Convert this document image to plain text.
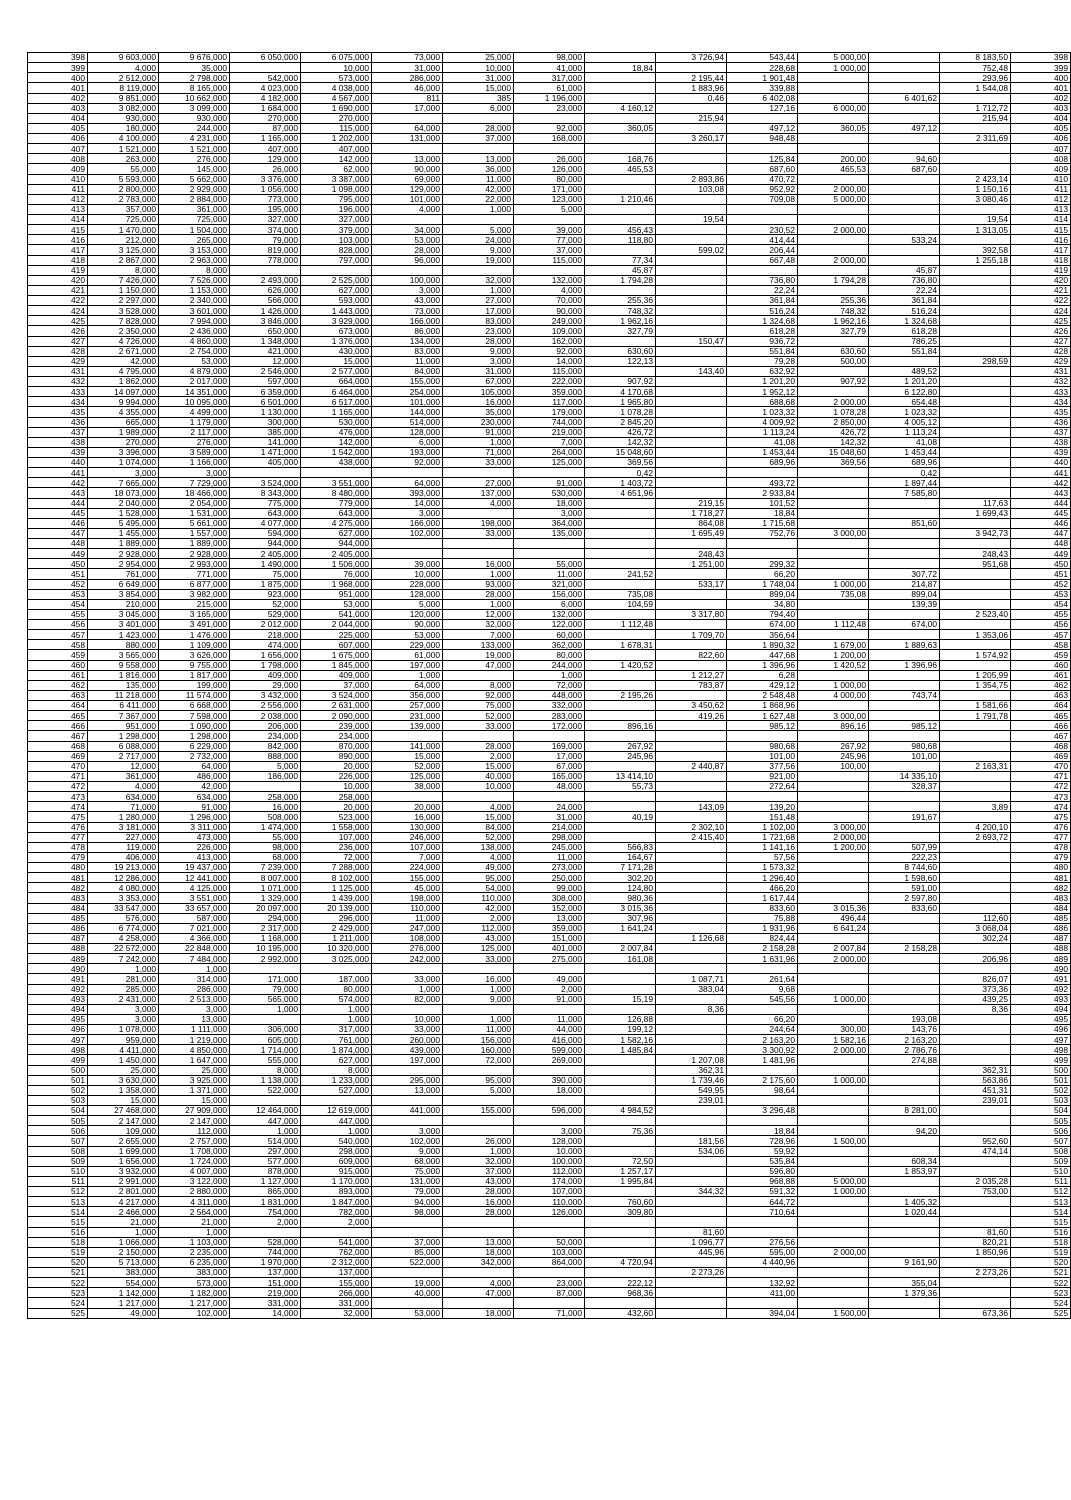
398	9 603,000	9 676,000	6 050,000	6 075,000	73,000	25,000	98,000		3 726,94	543,44	5 000,00		8 183,50	398
399	4,000	35,000		10,000	31,000	10,000	41,000	18,84		228,68	1 000,00		752,48	399
400	2 512,000	2 798,000	542,000	573,000	286,000	31,000	317,000		2 195,44	1 901,48			293,96	400
401	8 119,000	8 165,000	4 023,000	4 038,000	46,000	15,000	61,000		1 883,96	339,88			1 544,08	401
402	9 851,000	10 662,000	4 182,000	4 567,000	811	385	1 196,000		0,46	6 402,08		6 401,62		402
403	3 082,000	3 099,000	1 684,000	1 690,000	17,000	6,000	23,000	4 160,12		127,16	6 000,00		1 712,72	403
404	930,000	930,000	270,000	270,000					215,94				215,94	404
405	180,000	244,000	87,000	115,000	64,000	28,000	92,000	360,05		497,12	360,05	497,12		405
406	4 100,000	4 231,000	1 165,000	1 202,000	131,000	37,000	168,000		3 260,17	948,48			2 311,69	406
407	1 521,000	1 521,000	407,000	407,000										407
408	263,000	276,000	129,000	142,000	13,000	13,000	26,000	168,76		125,84	200,00	94,60		408
409	55,000	145,000	26,000	62,000	90,000	36,000	126,000	465,53		687,60	465,53	687,60		409
410	5 593,000	5 662,000	3 376,000	3 387,000	69,000	11,000	80,000		2 893,86	470,72			2 423,14	410
411	2 800,000	2 929,000	1 056,000	1 098,000	129,000	42,000	171,000		103,08	952,92	2 000,00		1 150,16	411
412	2 783,000	2 884,000	773,000	795,000	101,000	22,000	123,000	1 210,46		709,08	5 000,00		3 080,46	412
413	357,000	361,000	195,000	196,000	4,000	1,000	5,000							413
414	725,000	725,000	327,000	327,000					19,54				19,54	414
415	1 470,000	1 504,000	374,000	379,000	34,000	5,000	39,000	456,43		230,52	2 000,00		1 313,05	415
416	212,000	265,000	79,000	103,000	53,000	24,000	77,000	118,80		414,44		533,24		416
417	3 125,000	3 153,000	819,000	828,000	28,000	9,000	37,000		599,02	206,44			392,58	417
418	2 867,000	2 963,000	778,000	797,000	96,000	19,000	115,000	77,34		667,48	2 000,00		1 255,18	418
419	8,000	8,000						45,87				45,87		419
420	7 426,000	7 526,000	2 493,000	2 525,000	100,000	32,000	132,000	1 794,28		736,80	1 794,28	736,80		420
421	1 150,000	1 153,000	626,000	627,000	3,000	1,000	4,000			22,24		22,24		421
422	2 297,000	2 340,000	566,000	593,000	43,000	27,000	70,000	255,36		361,84	255,36	361,84		422
424	3 528,000	3 601,000	1 426,000	1 443,000	73,000	17,000	90,000	748,32		516,24	748,32	516,24		424
425	7 828,000	7 994,000	3 846,000	3 929,000	166,000	83,000	249,000	1 962,16		1 324,68	1 962,16	1 324,68		425
426	2 350,000	2 436,000	650,000	673,000	86,000	23,000	109,000	327,79		618,28	327,79	618,28		426
427	4 726,000	4 860,000	1 348,000	1 376,000	134,000	28,000	162,000		150,47	936,72		786,25		427
428	2 671,000	2 754,000	421,000	430,000	83,000	9,000	92,000	630,60		551,84	630,60	551,84		428
429	42,000	53,000	12,000	15,000	11,000	3,000	14,000	122,13		79,28	500,00		298,59	429
431	4 795,000	4 879,000	2 546,000	2 577,000	84,000	31,000	115,000		143,40	632,92		489,52		431
432	1 862,000	2 017,000	597,000	664,000	155,000	67,000	222,000	907,92		1 201,20	907,92	1 201,20		432
433	14 097,000	14 351,000	6 359,000	6 464,000	254,000	105,000	359,000	4 170,68		1 952,12		6 122,80		433
434	9 994,000	10 095,000	6 501,000	6 517,000	101,000	16,000	117,000	1 965,80		688,68	2 000,00	654,48		434
435	4 355,000	4 499,000	1 130,000	1 165,000	144,000	35,000	179,000	1 078,28		1 023,32	1 078,28	1 023,32		435
436	665,000	1 179,000	300,000	530,000	514,000	230,000	744,000	2 845,20		4 009,92	2 850,00	4 005,12		436
437	1 989,000	2 117,000	385,000	476,000	128,000	91,000	219,000	426,72		1 113,24	426,72	1 113,24		437
438	270,000	276,000	141,000	142,000	6,000	1,000	7,000	142,32		41,08	142,32	41,08		438
439	3 396,000	3 589,000	1 471,000	1 542,000	193,000	71,000	264,000	15 048,60		1 453,44	15 048,60	1 453,44		439
440	1 074,000	1 166,000	405,000	438,000	92,000	33,000	125,000	369,56		689,96	369,56	689,96		440
441	3,000	3,000						0,42				0,42		441
442	7 665,000	7 729,000	3 524,000	3 551,000	64,000	27,000	91,000	1 403,72		493,72		1 897,44		442
443	18 073,000	18 466,000	8 343,000	8 480,000	393,000	137,000	530,000	4 651,96		2 933,84		7 585,80		443
444	2 040,000	2 054,000	775,000	779,000	14,000	4,000	18,000		219,15	101,52			117,63	444
445	1 528,000	1 531,000	643,000	643,000	3,000		3,000		1 718,27	18,84			1 699,43	445
446	5 495,000	5 661,000	4 077,000	4 275,000	166,000	198,000	364,000		864,08	1 715,68		851,60		446
447	1 455,000	1 557,000	594,000	627,000	102,000	33,000	135,000		1 695,49	752,76	3 000,00		3 942,73	447
448	1 889,000	1 889,000	944,000	944,000										448
449	2 928,000	2 928,000	2 405,000	2 405,000					248,43				248,43	449
450	2 954,000	2 993,000	1 490,000	1 506,000	39,000	16,000	55,000		1 251,00	299,32			951,68	450
451	761,000	771,000	75,000	76,000	10,000	1,000	11,000	241,52		66,20		307,72		451
452	6 649,000	6 877,000	1 875,000	1 968,000	228,000	93,000	321,000		533,17	1 748,04	1 000,00	214,87		452
453	3 854,000	3 982,000	923,000	951,000	128,000	28,000	156,000	735,08		899,04	735,08	899,04		453
454	210,000	215,000	52,000	53,000	5,000	1,000	6,000	104,59		34,80		139,39		454
455	3 045,000	3 165,000	529,000	541,000	120,000	12,000	132,000		3 317,80	794,40			2 523,40	455
456	3 401,000	3 491,000	2 012,000	2 044,000	90,000	32,000	122,000	1 112,48		674,00	1 112,48	674,00		456
457	1 423,000	1 476,000	218,000	225,000	53,000	7,000	60,000		1 709,70	356,64			1 353,06	457
458	880,000	1 109,000	474,000	607,000	229,000	133,000	362,000	1 678,31		1 890,32	1 679,00	1 889,63		458
459	3 565,000	3 626,000	1 656,000	1 675,000	61,000	19,000	80,000		822,60	447,68	1 200,00		1 574,92	459
460	9 558,000	9 755,000	1 798,000	1 845,000	197,000	47,000	244,000	1 420,52		1 396,96	1 420,52	1 396,96		460
461	1 816,000	1 817,000	409,000	409,000	1,000		1,000		1 212,27	6,28			1 205,99	461
462	135,000	199,000	29,000	37,000	64,000	8,000	72,000		783,87	429,12	1 000,00		1 354,75	462
463	11 218,000	11 574,000	3 432,000	3 524,000	356,000	92,000	448,000	2 195,26		2 548,48	4 000,00	743,74		463
464	6 411,000	6 668,000	2 556,000	2 631,000	257,000	75,000	332,000		3 450,62	1 868,96			1 581,66	464
465	7 367,000	7 598,000	2 038,000	2 090,000	231,000	52,000	283,000		419,26	1 627,48	3 000,00		1 791,78	465
466	951,000	1 090,000	206,000	239,000	139,000	33,000	172,000	896,16		985,12	896,16	985,12		466
467	1 298,000	1 298,000	234,000	234,000										467
468	6 088,000	6 229,000	842,000	870,000	141,000	28,000	169,000	267,92		980,68	267,92	980,68		468
469	2 717,000	2 732,000	888,000	890,000	15,000	2,000	17,000	245,96		101,00	245,96	101,00		469
470	12,000	64,000	5,000	20,000	52,000	15,000	67,000		2 440,87	377,56	100,00		2 163,31	470
471	361,000	486,000	186,000	226,000	125,000	40,000	165,000	13 414,10		921,00		14 335,10		471
472	4,000	42,000		10,000	38,000	10,000	48,000	55,73		272,64		328,37		472
473	634,000	634,000	258,000	258,000										473
474	71,000	91,000	16,000	20,000	20,000	4,000	24,000		143,09	139,20			3,89	474
475	1 280,000	1 296,000	508,000	523,000	16,000	15,000	31,000	40,19		151,48		191,67		475
476	3 181,000	3 311,000	1 474,000	1 558,000	130,000	84,000	214,000		2 302,10	1 102,00	3 000,00		4 200,10	476
477	227,000	473,000	55,000	107,000	246,000	52,000	298,000		2 415,40	1 721,68	2 000,00		2 693,72	477
478	119,000	226,000	98,000	236,000	107,000	138,000	245,000	566,83		1 141,16	1 200,00	507,99		478
479	406,000	413,000	68,000	72,000	7,000	4,000	11,000	164,67		57,56		222,23		479
480	19 213,000	19 437,000	7 239,000	7 288,000	224,000	49,000	273,000	7 171,28		1 573,32		8 744,60		480
481	12 286,000	12 441,000	8 007,000	8 102,000	155,000	95,000	250,000	302,20		1 296,40		1 598,60		481
482	4 080,000	4 125,000	1 071,000	1 125,000	45,000	54,000	99,000	124,80		466,20		591,00		482
483	3 353,000	3 551,000	1 329,000	1 439,000	198,000	110,000	308,000	980,36		1 617,44		2 597,80		483
484	33 547,000	33 657,000	20 097,000	20 139,000	110,000	42,000	152,000	3 015,36		833,60	3 015,36	833,60		484
485	576,000	587,000	294,000	296,000	11,000	2,000	13,000	307,96		75,88	496,44		112,60	485
486	6 774,000	7 021,000	2 317,000	2 429,000	247,000	112,000	359,000	1 641,24		1 931,96	6 641,24		3 068,04	486
487	4 258,000	4 366,000	1 168,000	1 211,000	108,000	43,000	151,000		1 126,68	824,44			302,24	487
488	22 572,000	22 848,000	10 195,000	10 320,000	276,000	125,000	401,000	2 007,84		2 158,28	2 007,84	2 158,28		488
489	7 242,000	7 484,000	2 992,000	3 025,000	242,000	33,000	275,000	161,08		1 631,96	2 000,00		206,96	489
490	1,000	1,000												490
491	281,000	314,000	171,000	187,000	33,000	16,000	49,000		1 087,71	261,64			826,07	491
492	285,000	286,000	79,000	80,000	1,000	1,000	2,000		383,04	9,68			373,36	492
493	2 431,000	2 513,000	565,000	574,000	82,000	9,000	91,000	15,19		545,56	1 000,00		439,25	493
494	3,000	3,000	1,000	1,000					8,36				8,36	494
495	3,000	13,000		1,000	10,000	1,000	11,000	126,88		66,20		193,08		495
496	1 078,000	1 111,000	306,000	317,000	33,000	11,000	44,000	199,12		244,64	300,00	143,76		496
497	959,000	1 219,000	605,000	761,000	260,000	156,000	416,000	1 582,16		2 163,20	1 582,16	2 163,20		497
498	4 411,000	4 850,000	1 714,000	1 874,000	439,000	160,000	599,000	1 485,84		3 300,92	2 000,00	2 786,76		498
499	1 450,000	1 647,000	555,000	627,000	197,000	72,000	269,000		1 207,08	1 481,96		274,88		499
500	25,000	25,000	8,000	8,000					362,31				362,31	500
501	3 630,000	3 925,000	1 138,000	1 233,000	295,000	95,000	390,000		1 739,46	2 175,60	1 000,00		563,86	501
502	1 358,000	1 371,000	522,000	527,000	13,000	5,000	18,000		549,95	98,64			451,31	502
503	15,000	15,000							239,01				239,01	503
504	27 468,000	27 909,000	12 464,000	12 619,000	441,000	155,000	596,000	4 984,52		3 296,48		8 281,00		504
505	2 147,000	2 147,000	447,000	447,000										505
506	109,000	112,000	1,000	1,000	3,000		3,000	75,36		18,84		94,20		506
507	2 655,000	2 757,000	514,000	540,000	102,000	26,000	128,000		181,56	728,96	1 500,00		952,60	507
508	1 699,000	1 708,000	297,000	298,000	9,000	1,000	10,000		534,06	59,92			474,14	508
509	1 656,000	1 724,000	577,000	609,000	68,000	32,000	100,000	72,50		535,84		608,34		509
510	3 932,000	4 007,000	878,000	915,000	75,000	37,000	112,000	1 257,17		596,80		1 853,97		510
511	2 991,000	3 122,000	1 127,000	1 170,000	131,000	43,000	174,000	1 995,84		968,88	5 000,00		2 035,28	511
512	2 801,000	2 880,000	865,000	893,000	79,000	28,000	107,000		344,32	591,32	1 000,00		753,00	512
513	4 217,000	4 311,000	1 831,000	1 847,000	94,000	16,000	110,000	760,60		644,72		1 405,32		513
514	2 466,000	2 564,000	754,000	782,000	98,000	28,000	126,000	309,80		710,64		1 020,44		514
515	21,000	21,000	2,000	2,000										515
516	1,000	1,000							81,60				81,60	516
518	1 066,000	1 103,000	528,000	541,000	37,000	13,000	50,000		1 096,77	276,56			820,21	518
519	2 150,000	2 235,000	744,000	762,000	85,000	18,000	103,000		445,96	595,00	2 000,00		1 850,96	519
520	5 713,000	6 235,000	1 970,000	2 312,000	522,000	342,000	864,000	4 720,94		4 440,96		9 161,90		520
521	383,000	383,000	137,000	137,000					2 273,26				2 273,26	521
522	554,000	573,000	151,000	155,000	19,000	4,000	23,000	222,12		132,92		355,04		522
523	1 142,000	1 182,000	219,000	266,000	40,000	47,000	87,000	968,36		411,00		1 379,36		523
524	1 217,000	1 217,000	331,000	331,000										524
525	49,000	102,000	14,000	32,000	53,000	18,000	71,000	432,60		394,04	1 500,00		673,36	525
